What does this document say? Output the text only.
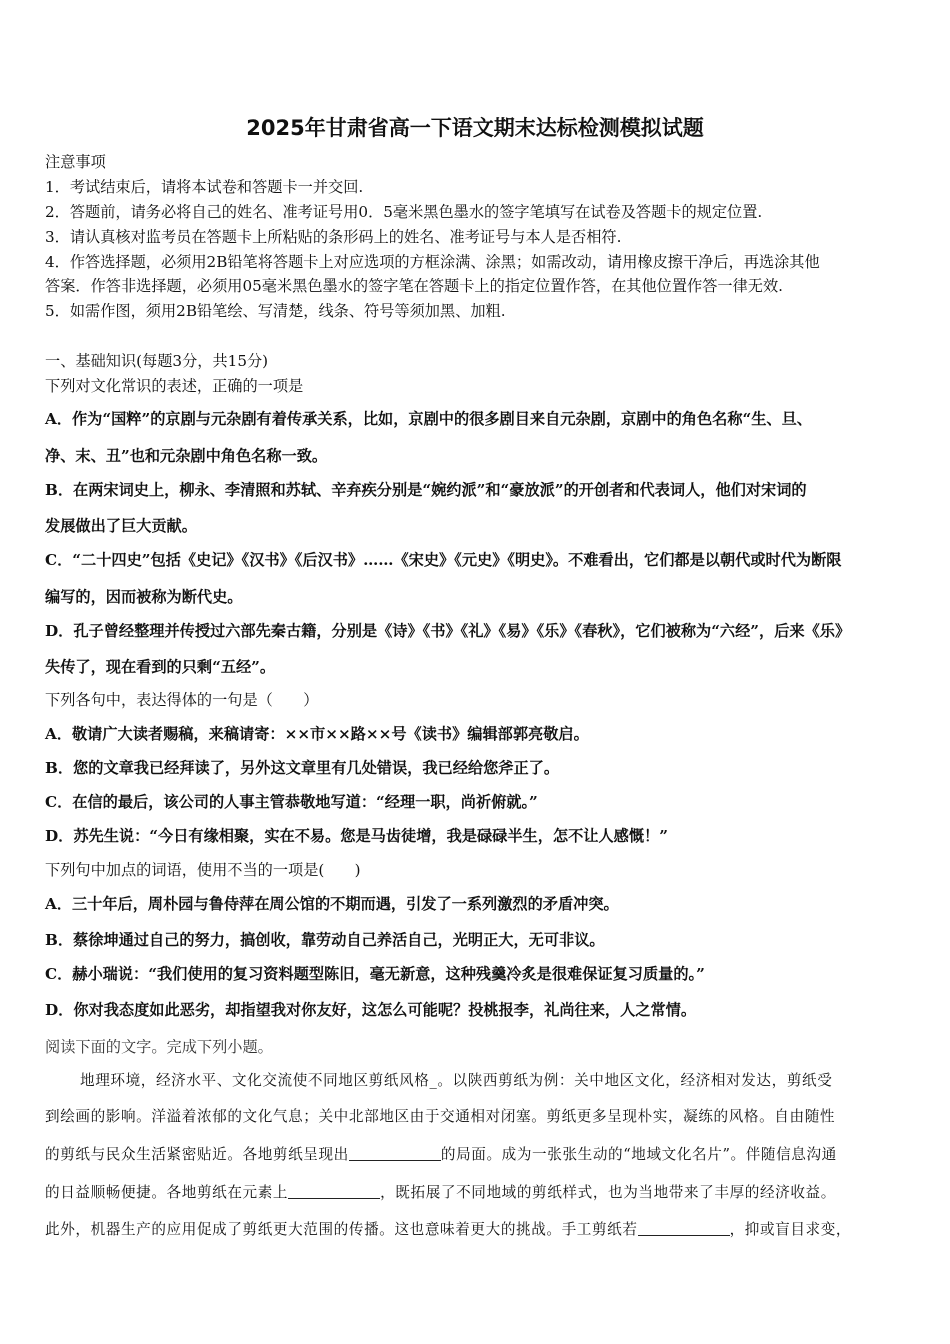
2025年甘肃省高一下语文期末达标检测模拟试题
注意事项
1．考试结束后，请将本试卷和答题卡一并交回.
2．答题前，请务必将自己的姓名、准考证号用0．5毫米黑色墨水的签字笔填写在试卷及答题卡的规定位置.
3．请认真核对监考员在答题卡上所粘贴的条形码上的姓名、准考证号与本人是否相符.
4．作答选择题，必须用2B铅笔将答题卡上对应选项的方框涂满、涂黑；如需改动，请用橡皮擦干净后，再选涂其他
答案．作答非选择题，必须用05毫米黑色墨水的签字笔在答题卡上的指定位置作答，在其他位置作答一律无效.
5．如需作图，须用2B铅笔绘、写清楚，线条、符号等须加黑、加粗.
一、基础知识(每题3分，共15分)
下列对文化常识的表述，正确的一项是
A．作为“国粹”的京剧与元杂剧有着传承关系，比如，京剧中的很多剧目来自元杂剧，京剧中的角色名称“生、旦、
净、末、丑”也和元杂剧中角色名称一致。
B．在两宋词史上，柳永、李清照和苏轼、辛弃疾分别是“婉约派”和“豪放派”的开创者和代表词人，他们对宋词的
发展做出了巨大贡献。
C．“二十四史”包括《史记》《汉书》《后汉书》……《宋史》《元史》《明史》。不难看出，它们都是以朝代或时代为断限
编写的，因而被称为断代史。
D．孔子曾经整理并传授过六部先秦古籍，分别是《诗》《书》《礼》《易》《乐》《春秋》，它们被称为“六经”，后来《乐》
失传了，现在看到的只剩“五经”。
下列各句中，表达得体的一句是（　　）
A．敬请广大读者赐稿，来稿请寄：××市××路××号《读书》编辑部郭亮敬启。
B．您的文章我已经拜读了，另外这文章里有几处错误，我已经给您斧正了。
C．在信的最后，该公司的人事主管恭敬地写道：“经理一职，尚祈俯就。”
D．苏先生说：“今日有缘相聚，实在不易。您是马齿徒增，我是碌碌半生，怎不让人感慨！”
下列句中加点的词语，使用不当的一项是(　　)
A．三十年后，周朴园与鲁侍萍在周公馆的不期而遇，引发了一系列激烈的矛盾冲突。
B．蔡徐坤通过自己的努力，搞创收，靠劳动自己养活自己，光明正大，无可非议。
C．赫小瑞说：“我们使用的复习资料题型陈旧，毫无新意，这种残羹冷炙是很难保证复习质量的。”
D．你对我态度如此恶劣，却指望我对你友好，这怎么可能呢？投桃报李，礼尚往来，人之常情。
阅读下面的文字。完成下列小题。
地理环境，经济水平、文化交流使不同地区剪纸风格_。以陕西剪纸为例：关中地区文化，经济相对发达，剪纸受
到绘画的影响。洋溢着浓郁的文化气息；关中北部地区由于交通相对闭塞。剪纸更多呈现朴实，凝练的风格。自由随性
的剪纸与民众生活紧密贴近。各地剪纸呈现出	的局面。成为一张张生动的“地域文化名片”。伴随信息沟通
的日益顺畅便捷。各地剪纸在元素上	，既拓展了不同地域的剪纸样式，也为当地带来了丰厚的经济收益。
此外，机器生产的应用促成了剪纸更大范围的传播。这也意味着更大的挑战。手工剪纸若	，抑或盲目求变，
